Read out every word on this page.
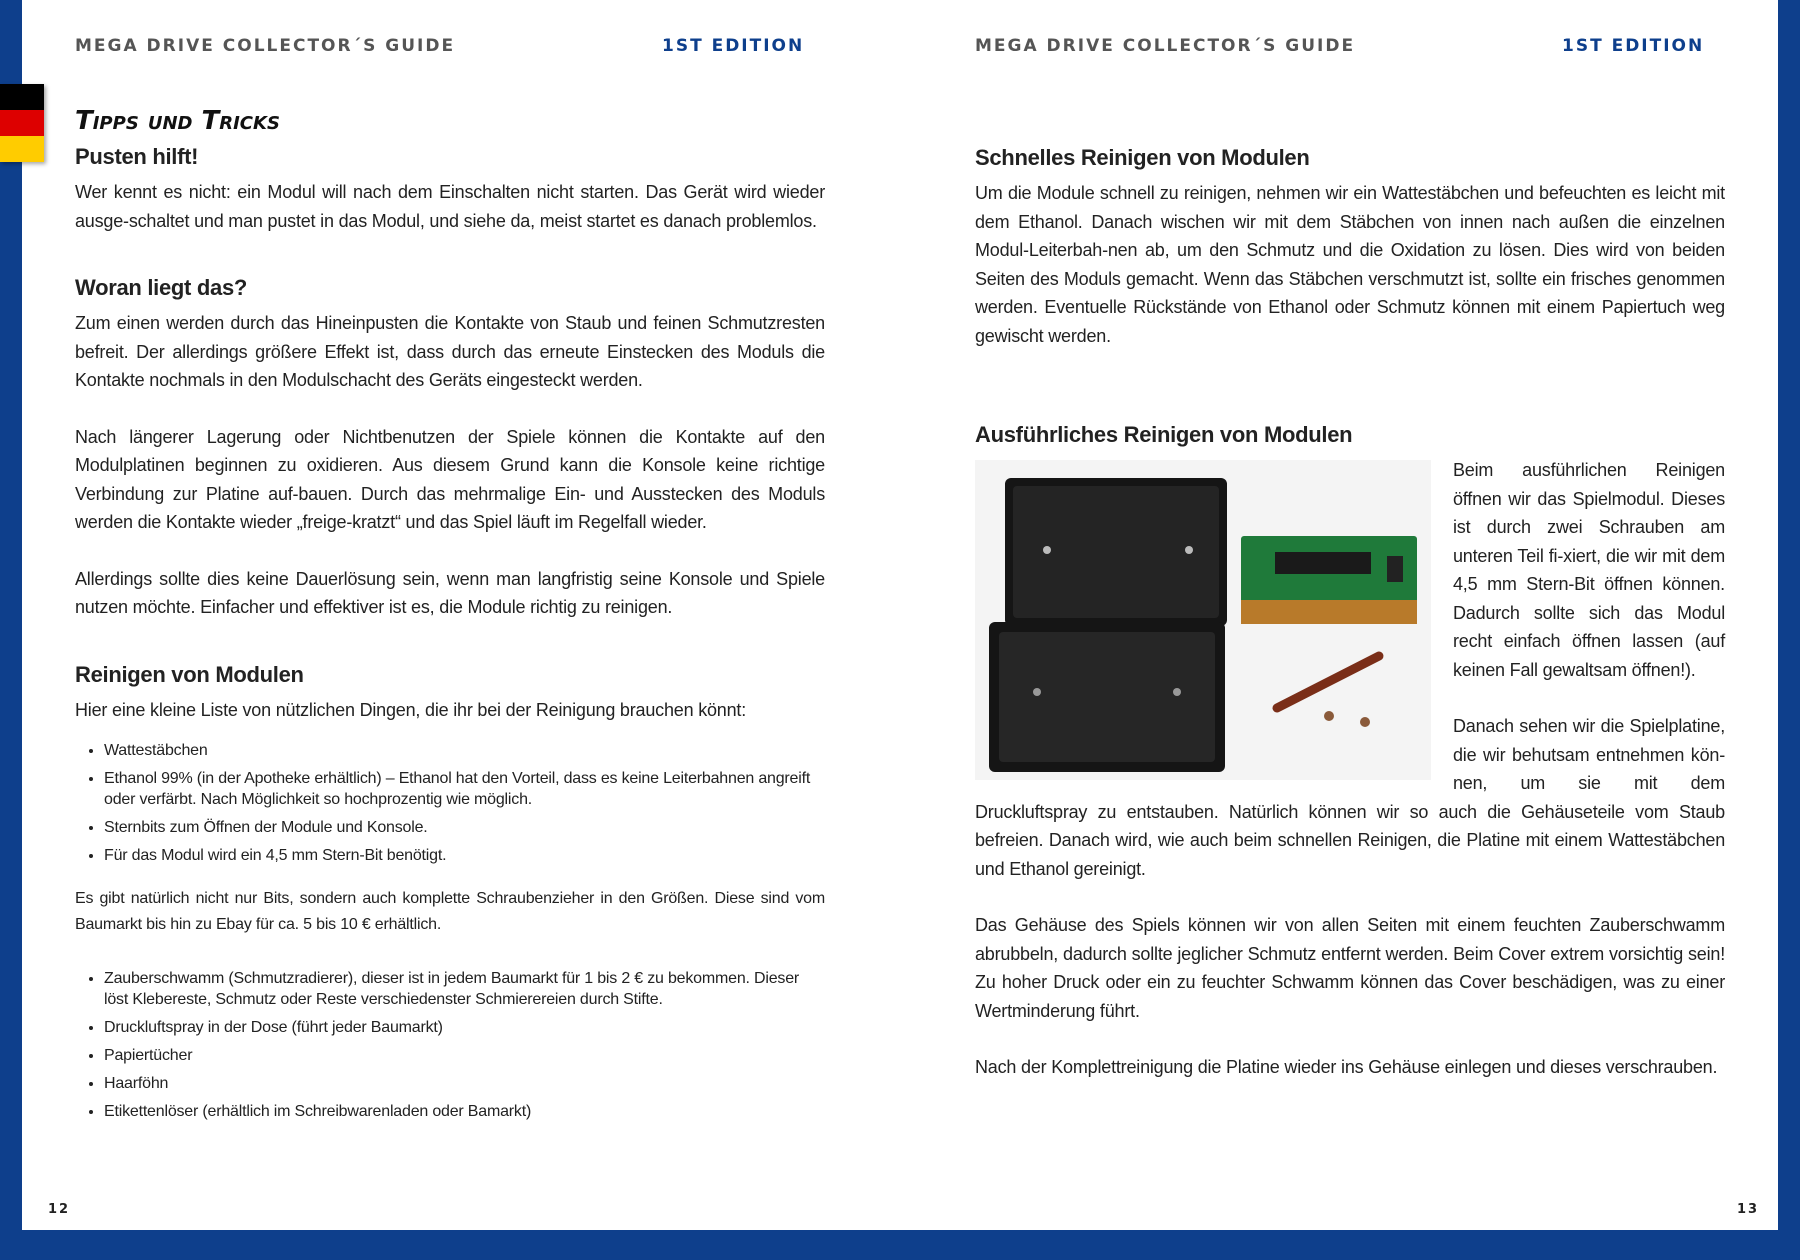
MEGA DRIVE COLLECTOR´S GUIDE	1ST EDITION	MEGA DRIVE COLLECTOR´S GUIDE	1ST EDITION
Tipps und Tricks
Pusten hilft!

Wer kennt es nicht: ein Modul will nach dem Einschalten nicht starten. Das Gerät wird wieder ausge-schaltet und man pustet in das Modul, und siehe da, meist startet es danach problemlos.

Woran liegt das?

Zum einen werden durch das Hineinpusten die Kontakte von Staub und feinen Schmutzresten befreit. Der allerdings größere Effekt ist, dass durch das erneute Einstecken des Moduls die Kontakte nochmals in den Modulschacht des Geräts eingesteckt werden.

Nach längerer Lagerung oder Nichtbenutzen der Spiele können die Kontakte auf den Modulplatinen beginnen zu oxidieren. Aus diesem Grund kann die Konsole keine richtige Verbindung zur Platine auf-bauen. Durch das mehrmalige Ein- und Ausstecken des Moduls werden die Kontakte wieder „freige-kratzt“ und das Spiel läuft im Regelfall wieder.

Allerdings sollte dies keine Dauerlösung sein, wenn man langfristig seine Konsole und Spiele nutzen möchte. Einfacher und effektiver ist es, die Module richtig zu reinigen.

Reinigen von Modulen

Hier eine kleine Liste von nützlichen Dingen, die ihr bei der Reinigung brauchen könnt:

• Wattestäbchen
• Ethanol 99% (in der Apotheke erhältlich) – Ethanol hat den Vorteil, dass es keine Leiterbahnen angreift oder verfärbt. Nach Möglichkeit so hochprozentig wie möglich.
• Sternbits zum Öffnen der Module und Konsole.
• Für das Modul wird ein 4,5 mm Stern-Bit benötigt.

Es gibt natürlich nicht nur Bits, sondern auch komplette Schraubenzieher in den Größen. Diese sind vom Baumarkt bis hin zu Ebay für ca. 5 bis 10 € erhältlich.

• Zauberschwamm (Schmutzradierer), dieser ist in jedem Baumarkt für 1 bis 2 € zu bekommen. Dieser löst Klebereste, Schmutz oder Reste verschiedenster Schmierereien durch Stifte.
• Druckluftspray in der Dose (führt jeder Baumarkt)
• Papiertücher
• Haarföhn
• Etikettenlöser (erhältlich im Schreibwarenladen oder Bamarkt)
Schnelles Reinigen von Modulen

Um die Module schnell zu reinigen, nehmen wir ein Wattestäbchen und befeuchten es leicht mit dem Ethanol. Danach wischen wir mit dem Stäbchen von innen nach außen die einzelnen Modul-Leiterbah-nen ab, um den Schmutz und die Oxidation zu lösen. Dies wird von beiden Seiten des Moduls gemacht. Wenn das Stäbchen verschmutzt ist, sollte ein frisches genommen werden. Eventuelle Rückstände von Ethanol oder Schmutz können mit einem Papiertuch weg gewischt werden.

Ausführliches Reinigen von Modulen

Beim ausführlichen Reinigen öffnen wir das Spielmodul. Dieses ist durch zwei Schrauben am unteren Teil fi-xiert, die wir mit dem 4,5 mm Stern-Bit öffnen können. Dadurch sollte sich das Modul recht einfach öffnen lassen (auf keinen Fall gewaltsam öffnen!).

Danach sehen wir die Spielplatine, die wir behutsam entnehmen kön-nen, um sie mit dem Druckluftspray zu entstauben. Natürlich können wir so auch die Gehäuseteile vom Staub befreien. Danach wird, wie auch beim schnellen Reinigen, die Platine mit einem Wattestäbchen und Ethanol gereinigt.

Das Gehäuse des Spiels können wir von allen Seiten mit einem feuchten Zauberschwamm abrubbeln, dadurch sollte jeglicher Schmutz entfernt werden. Beim Cover extrem vorsichtig sein! Zu hoher Druck oder ein zu feuchter Schwamm können das Cover beschädigen, was zu einer Wertminderung führt.

Nach der Komplettreinigung die Platine wieder ins Gehäuse einlegen und dieses verschrauben.

12	13
